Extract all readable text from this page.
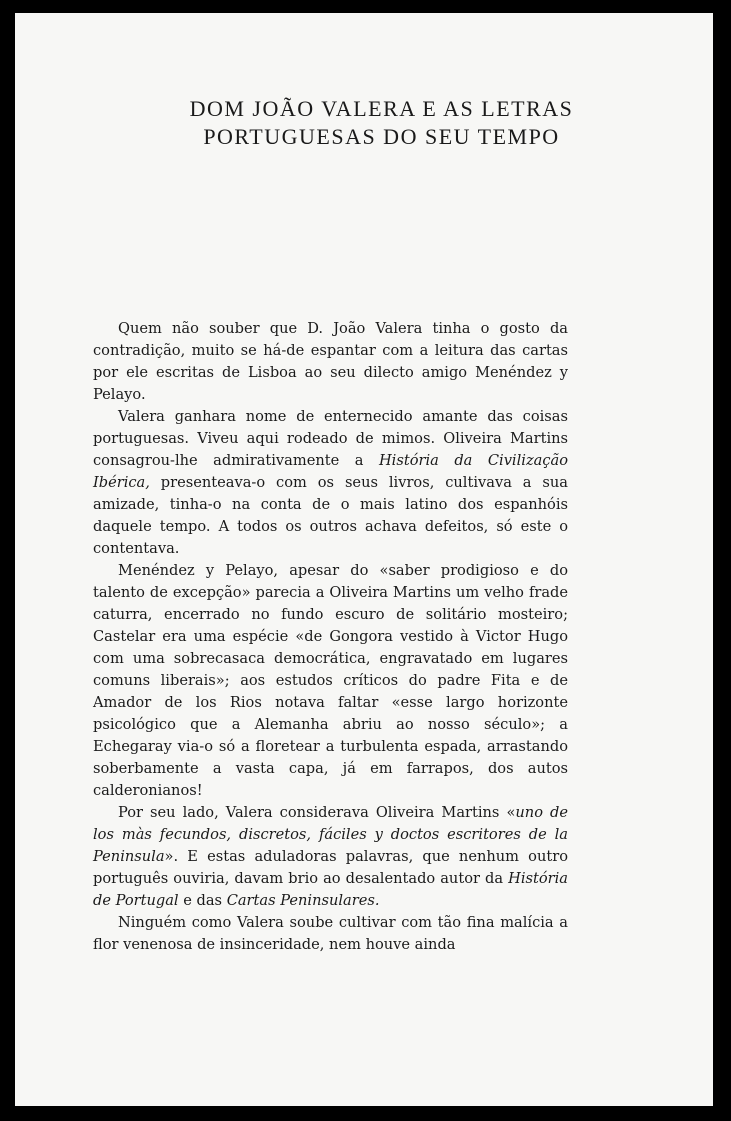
DOM JOÃO VALERA E AS LETRAS
PORTUGUESAS DO SEU TEMPO

Quem não souber que D. João Valera tinha o gosto da contradição, muito se há-de espantar com a leitura das cartas por ele escritas de Lisboa ao seu dilecto amigo Menéndez y Pelayo.

Valera ganhara nome de enternecido amante das coisas portuguesas. Viveu aqui rodeado de mimos. Oliveira Martins consagrou-lhe admirativamente a História da Civilização Ibérica, presenteava-o com os seus livros, cultivava a sua amizade, tinha-o na conta de o mais latino dos espanhóis daquele tempo. A todos os outros achava defeitos, só este o contentava.

Menéndez y Pelayo, apesar do «saber prodigioso e do talento de excepção» parecia a Oliveira Martins um velho frade caturra, encerrado no fundo escuro de solitário mosteiro; Castelar era uma espécie «de Gongora vestido à Victor Hugo com uma sobrecasaca democrática, engravatado em lugares comuns liberais»; aos estudos críticos do padre Fita e de Amador de los Rios notava faltar «esse largo horizonte psicológico que a Alemanha abriu ao nosso século»; a Echegaray via-o só a floretear a turbulenta espada, arrastando soberbamente a vasta capa, já em farrapos, dos autos calderonianos!

Por seu lado, Valera considerava Oliveira Martins «uno de los màs fecundos, discretos, fáciles y doctos escritores de la Peninsula». E estas aduladoras palavras, que nenhum outro português ouviria, davam brio ao desalentado autor da História de Portugal e das Cartas Peninsulares.

Ninguém como Valera soube cultivar com tão fina malícia a flor venenosa de insinceridade, nem houve ainda
